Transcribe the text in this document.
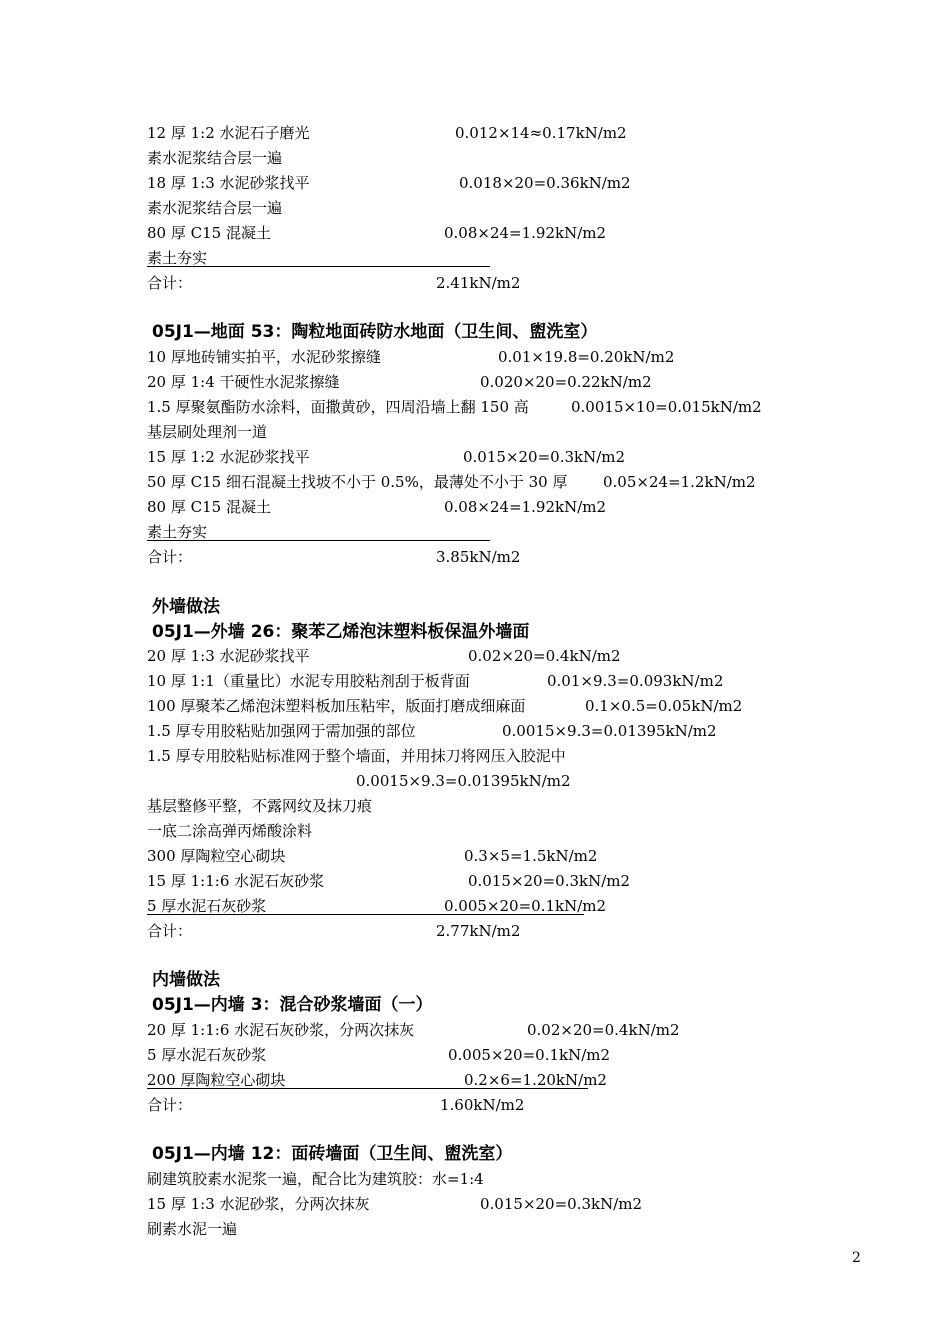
12 厚 1:2 水泥石子磨光	0.012×14≈0.17kN/m2
素水泥浆结合层一遍
18 厚 1:3 水泥砂浆找平	0.018×20=0.36kN/m2
素水泥浆结合层一遍
80 厚 C15 混凝土	0.08×24=1.92kN/m2
素土夯实
合计：	2.41kN/m2
05J1—地面 53：陶粒地面砖防水地面（卫生间、盥洗室）
10 厚地砖铺实拍平，水泥砂浆擦缝	0.01×19.8=0.20kN/m2
20 厚 1:4 干硬性水泥浆擦缝	0.020×20=0.22kN/m2
1.5 厚聚氨酯防水涂料，面撒黄砂，四周沿墙上翻 150 高	0.0015×10=0.015kN/m2
基层刷处理剂一道
15 厚 1:2 水泥砂浆找平	0.015×20=0.3kN/m2
50 厚 C15 细石混凝土找坡不小于 0.5%，最薄处不小于 30 厚 0.05×24=1.2kN/m2
80 厚 C15 混凝土	0.08×24=1.92kN/m2
素土夯实
合计：	3.85kN/m2
外墙做法
05J1—外墙 26：聚苯乙烯泡沫塑料板保温外墙面
20 厚 1:3 水泥砂浆找平	0.02×20=0.4kN/m2
10 厚 1:1（重量比）水泥专用胶粘剂刮于板背面	0.01×9.3=0.093kN/m2
100 厚聚苯乙烯泡沫塑料板加压粘牢，版面打磨成细麻面	0.1×0.5=0.05kN/m2
1.5 厚专用胶粘贴加强网于需加强的部位	0.0015×9.3=0.01395kN/m2
1.5 厚专用胶粘贴标准网于整个墙面，并用抹刀将网压入胶泥中
0.0015×9.3=0.01395kN/m2
基层整修平整，不露网纹及抹刀痕
一底二涂高弹丙烯酸涂料
300 厚陶粒空心砌块	0.3×5=1.5kN/m2
15 厚 1:1:6 水泥石灰砂浆	0.015×20=0.3kN/m2
5 厚水泥石灰砂浆	0.005×20=0.1kN/m2
合计：	2.77kN/m2
内墙做法
05J1—内墙 3：混合砂浆墙面（一）
20 厚 1:1:6 水泥石灰砂浆，分两次抹灰	0.02×20=0.4kN/m2
5 厚水泥石灰砂浆	0.005×20=0.1kN/m2
200 厚陶粒空心砌块	0.2×6=1.20kN/m2
合计：	1.60kN/m2
05J1—内墙 12：面砖墙面（卫生间、盥洗室）
刷建筑胶素水泥浆一遍，配合比为建筑胶：水=1:4
15 厚 1:3 水泥砂浆，分两次抹灰	0.015×20=0.3kN/m2
刷素水泥一遍
2
